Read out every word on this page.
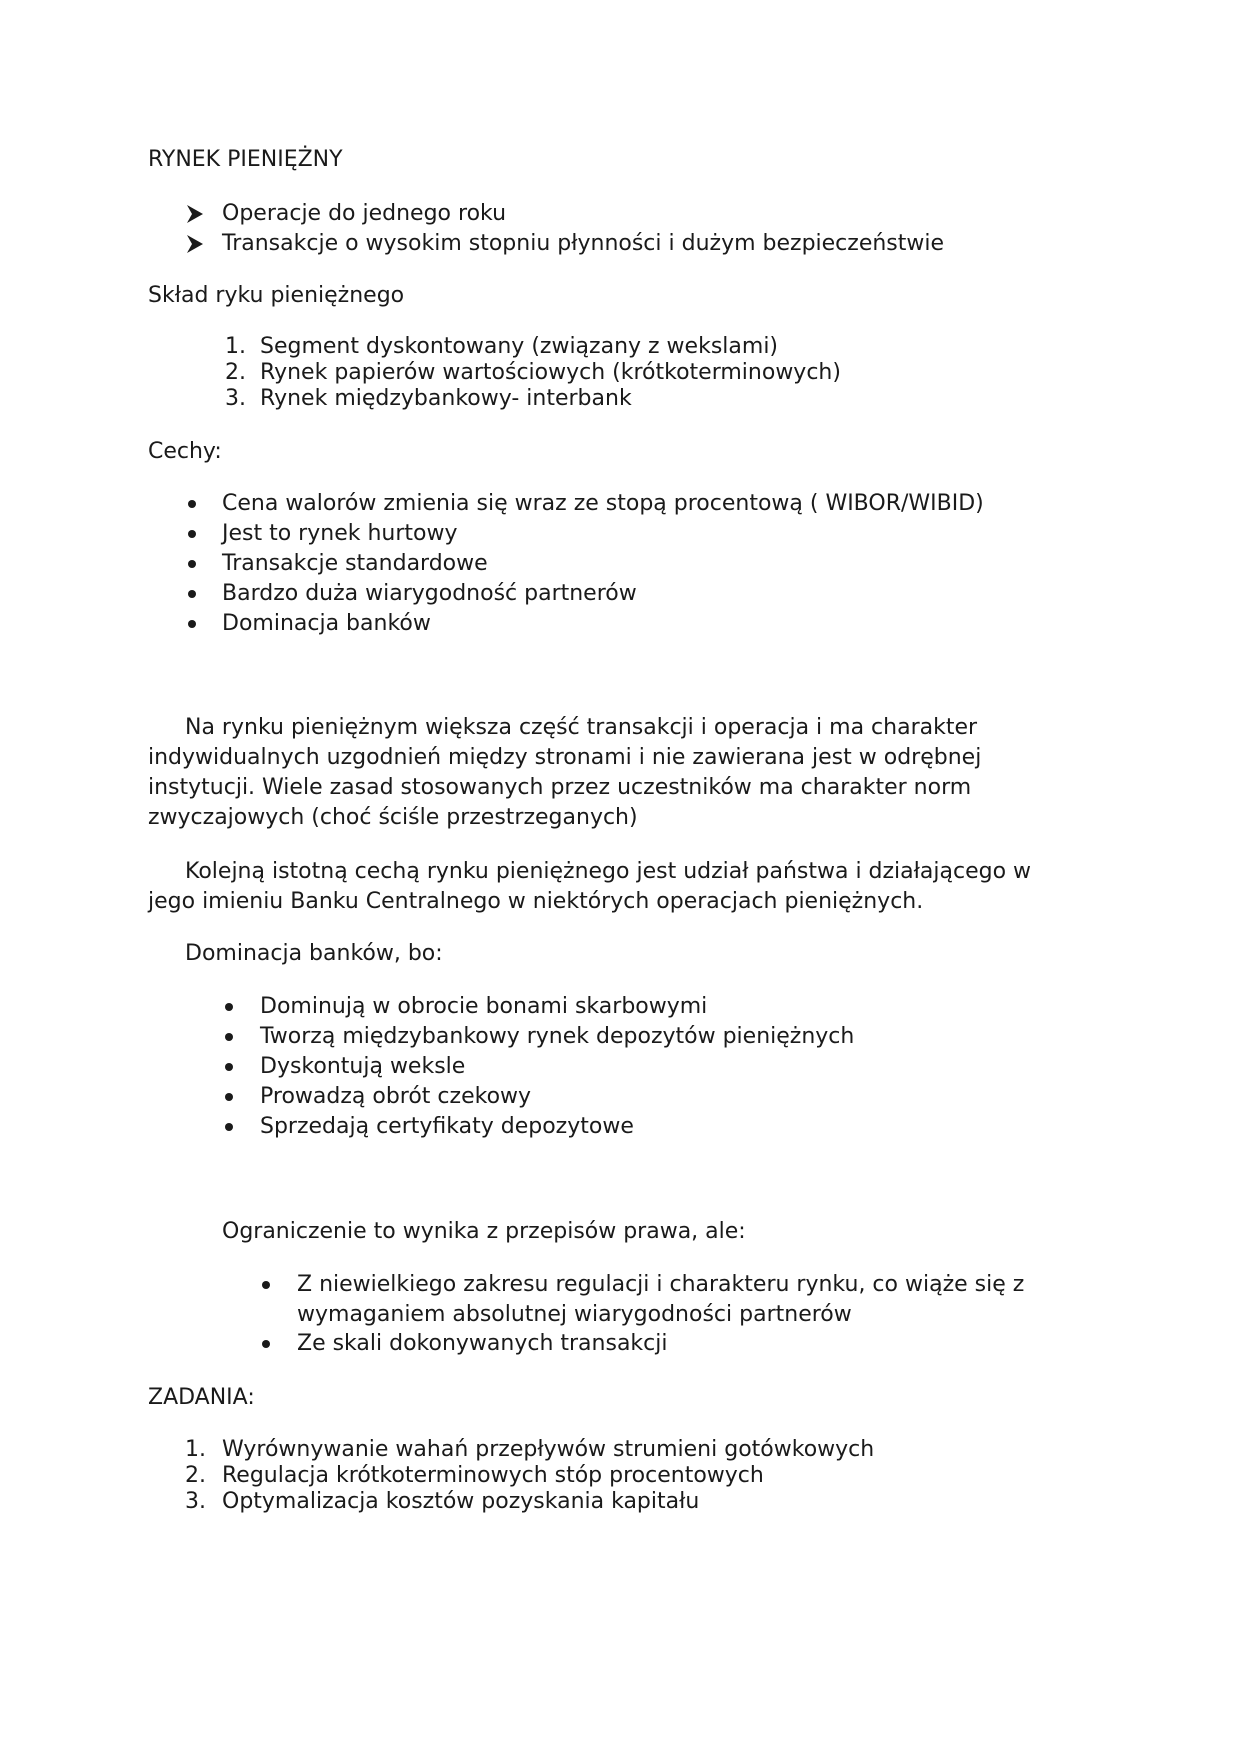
RYNEK PIENIĘŻNY
Operacje do jednego roku
Transakcje o wysokim stopniu płynności i dużym bezpieczeństwie
Skład ryku pieniężnego
1. Segment dyskontowany (związany z wekslami)
2. Rynek papierów wartościowych (krótkoterminowych)
3. Rynek międzybankowy- interbank
Cechy:
Cena walorów zmienia się wraz ze stopą procentową ( WIBOR/WIBID)
Jest to rynek hurtowy
Transakcje standardowe
Bardzo duża wiarygodność partnerów
Dominacja banków
Na rynku pieniężnym większa część transakcji i operacja i ma charakter
indywidualnych uzgodnień między stronami i nie zawierana jest w odrębnej
instytucji. Wiele zasad stosowanych przez uczestników ma charakter norm
zwyczajowych (choć ściśle przestrzeganych)
Kolejną istotną cechą rynku pieniężnego jest udział państwa i działającego w
jego imieniu Banku Centralnego w niektórych operacjach pieniężnych.
Dominacja banków, bo:
Dominują w obrocie bonami skarbowymi
Tworzą międzybankowy rynek depozytów pieniężnych
Dyskontują weksle
Prowadzą obrót czekowy
Sprzedają certyfikaty depozytowe
Ograniczenie to wynika z przepisów prawa, ale:
Z niewielkiego zakresu regulacji i charakteru rynku, co wiąże się z
wymaganiem absolutnej wiarygodności partnerów
Ze skali dokonywanych transakcji
ZADANIA:
1. Wyrównywanie wahań przepływów strumieni gotówkowych
2. Regulacja krótkoterminowych stóp procentowych
3. Optymalizacja kosztów pozyskania kapitału
